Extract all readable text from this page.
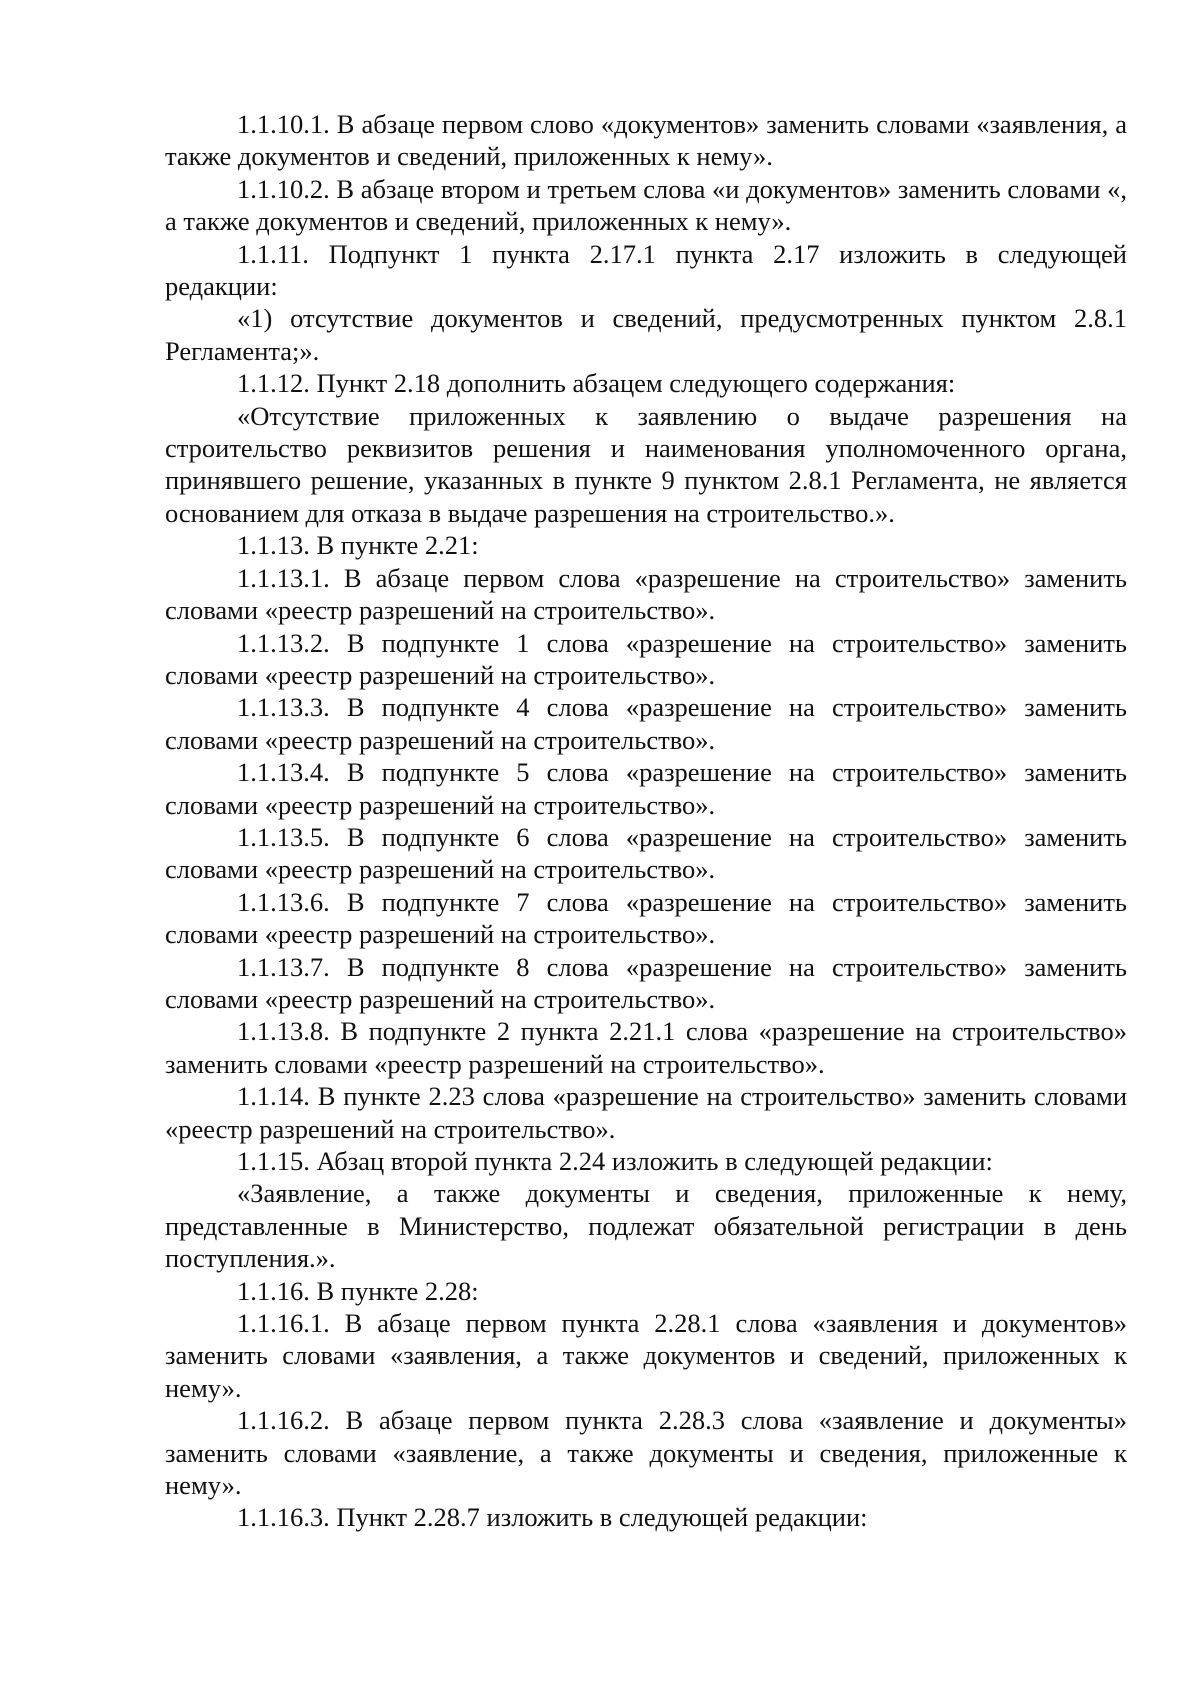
1.1.10.1. В абзаце первом слово «документов» заменить словами «заявления, а также документов и сведений, приложенных к нему».

1.1.10.2. В абзаце втором и третьем слова «и документов» заменить словами «, а также документов и сведений, приложенных к нему».

1.1.11. Подпункт 1 пункта 2.17.1 пункта 2.17 изложить в следующей редакции:

«1) отсутствие документов и сведений, предусмотренных пунктом 2.8.1 Регламента;».

1.1.12. Пункт 2.18 дополнить абзацем следующего содержания:

«Отсутствие приложенных к заявлению о выдаче разрешения на строительство реквизитов решения и наименования уполномоченного органа, принявшего решение, указанных в пункте 9 пунктом 2.8.1 Регламента, не является основанием для отказа в выдаче разрешения на строительство.».

1.1.13. В пункте 2.21:

1.1.13.1. В абзаце первом слова «разрешение на строительство» заменить словами «реестр разрешений на строительство».

1.1.13.2. В подпункте 1 слова «разрешение на строительство» заменить словами «реестр разрешений на строительство».

1.1.13.3. В подпункте 4 слова «разрешение на строительство» заменить словами «реестр разрешений на строительство».

1.1.13.4. В подпункте 5 слова «разрешение на строительство» заменить словами «реестр разрешений на строительство».

1.1.13.5. В подпункте 6 слова «разрешение на строительство» заменить словами «реестр разрешений на строительство».

1.1.13.6. В подпункте 7 слова «разрешение на строительство» заменить словами «реестр разрешений на строительство».

1.1.13.7. В подпункте 8 слова «разрешение на строительство» заменить словами «реестр разрешений на строительство».

1.1.13.8. В подпункте 2 пункта 2.21.1 слова «разрешение на строительство» заменить словами «реестр разрешений на строительство».

1.1.14. В пункте 2.23 слова «разрешение на строительство» заменить словами «реестр разрешений на строительство».

1.1.15. Абзац второй пункта 2.24 изложить в следующей редакции:

«Заявление, а также документы и сведения, приложенные к нему, представленные в Министерство, подлежат обязательной регистрации в день поступления.».

1.1.16. В пункте 2.28:

1.1.16.1. В абзаце первом пункта 2.28.1 слова «заявления и документов» заменить словами «заявления, а также документов и сведений, приложенных к нему».

1.1.16.2. В абзаце первом пункта 2.28.3 слова «заявление и документы» заменить словами «заявление, а также документы и сведения, приложенные к нему».

1.1.16.3. Пункт 2.28.7 изложить в следующей редакции:
